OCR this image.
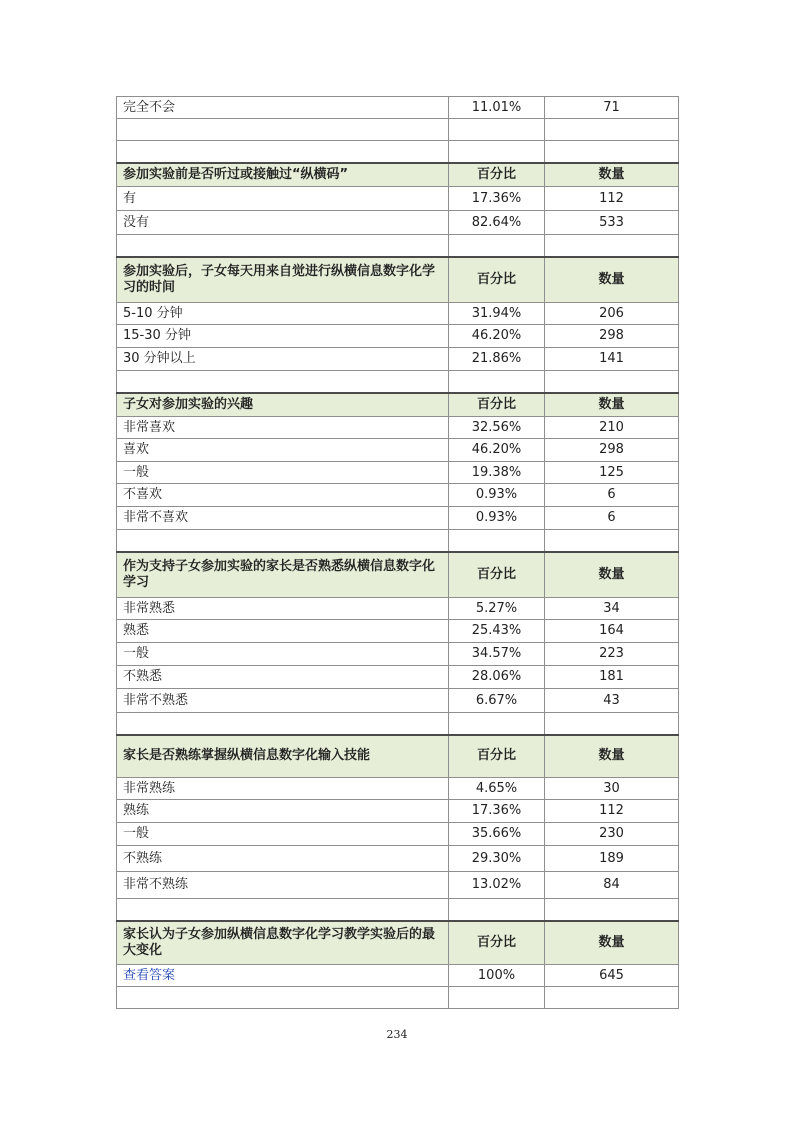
完全不会	11.01%	71

参加实验前是否听过或接触过“纵横码”	百分比	数量
有	17.36%	112
没有	82.64%	533

参加实验后，子女每天用来自觉进行纵横信息数字化学习的时间	百分比	数量
5-10 分钟	31.94%	206
15-30 分钟	46.20%	298
30 分钟以上	21.86%	141

子女对参加实验的兴趣	百分比	数量
非常喜欢	32.56%	210
喜欢	46.20%	298
一般	19.38%	125
不喜欢	0.93%	6
非常不喜欢	0.93%	6

作为支持子女参加实验的家长是否熟悉纵横信息数字化学习	百分比	数量
非常熟悉	5.27%	34
熟悉	25.43%	164
一般	34.57%	223
不熟悉	28.06%	181
非常不熟悉	6.67%	43

家长是否熟练掌握纵横信息数字化输入技能	百分比	数量
非常熟练	4.65%	30
熟练	17.36%	112
一般	35.66%	230
不熟练	29.30%	189
非常不熟练	13.02%	84

家长认为子女参加纵横信息数字化学习教学实验后的最大变化	百分比	数量
查看答案	100%	645

234
